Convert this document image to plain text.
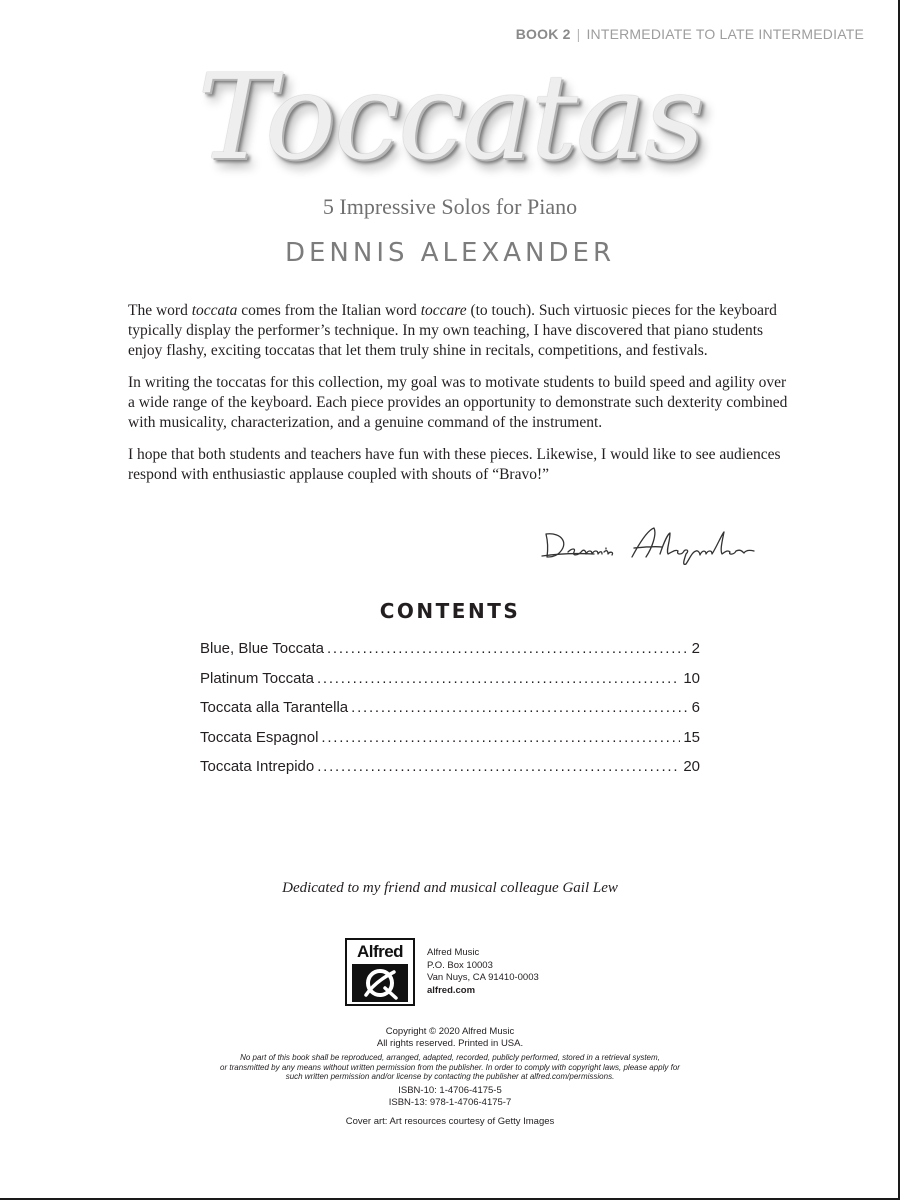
BOOK 2 | INTERMEDIATE TO LATE INTERMEDIATE
Toccatas
5 Impressive Solos for Piano
DENNIS ALEXANDER

The word toccata comes from the Italian word toccare (to touch). Such virtuosic pieces for the keyboard typically display the performer’s technique. In my own teaching, I have discovered that piano students enjoy flashy, exciting toccatas that let them truly shine in recitals, competitions, and festivals.

In writing the toccatas for this collection, my goal was to motivate students to build speed and agility over a wide range of the keyboard. Each piece provides an opportunity to demonstrate such dexterity combined with musicality, characterization, and a genuine command of the instrument.

I hope that both students and teachers have fun with these pieces. Likewise, I would like to see audiences respond with enthusiastic applause coupled with shouts of “Bravo!”

CONTENTS
Blue, Blue Toccata . . .	2
Platinum Toccata . . .	10
Toccata alla Tarantella . . .	6
Toccata Espagnol . . .	15
Toccata Intrepido . . .	20
Dedicated to my friend and musical colleague Gail Lew
Alfred	Alfred Music
P.O. Box 10003
Van Nuys, CA 91410-0003
alfred.com
Copyright © 2020 Alfred Music
All rights reserved. Printed in USA.
No part of this book shall be reproduced, arranged, adapted, recorded, publicly performed, stored in a retrieval system,
or transmitted by any means without written permission from the publisher. In order to comply with copyright laws, please apply for
such written permission and/or license by contacting the publisher at alfred.com/permissions.
ISBN-10: 1-4706-4175-5
ISBN-13: 978-1-4706-4175-7
Cover art: Art resources courtesy of Getty Images
